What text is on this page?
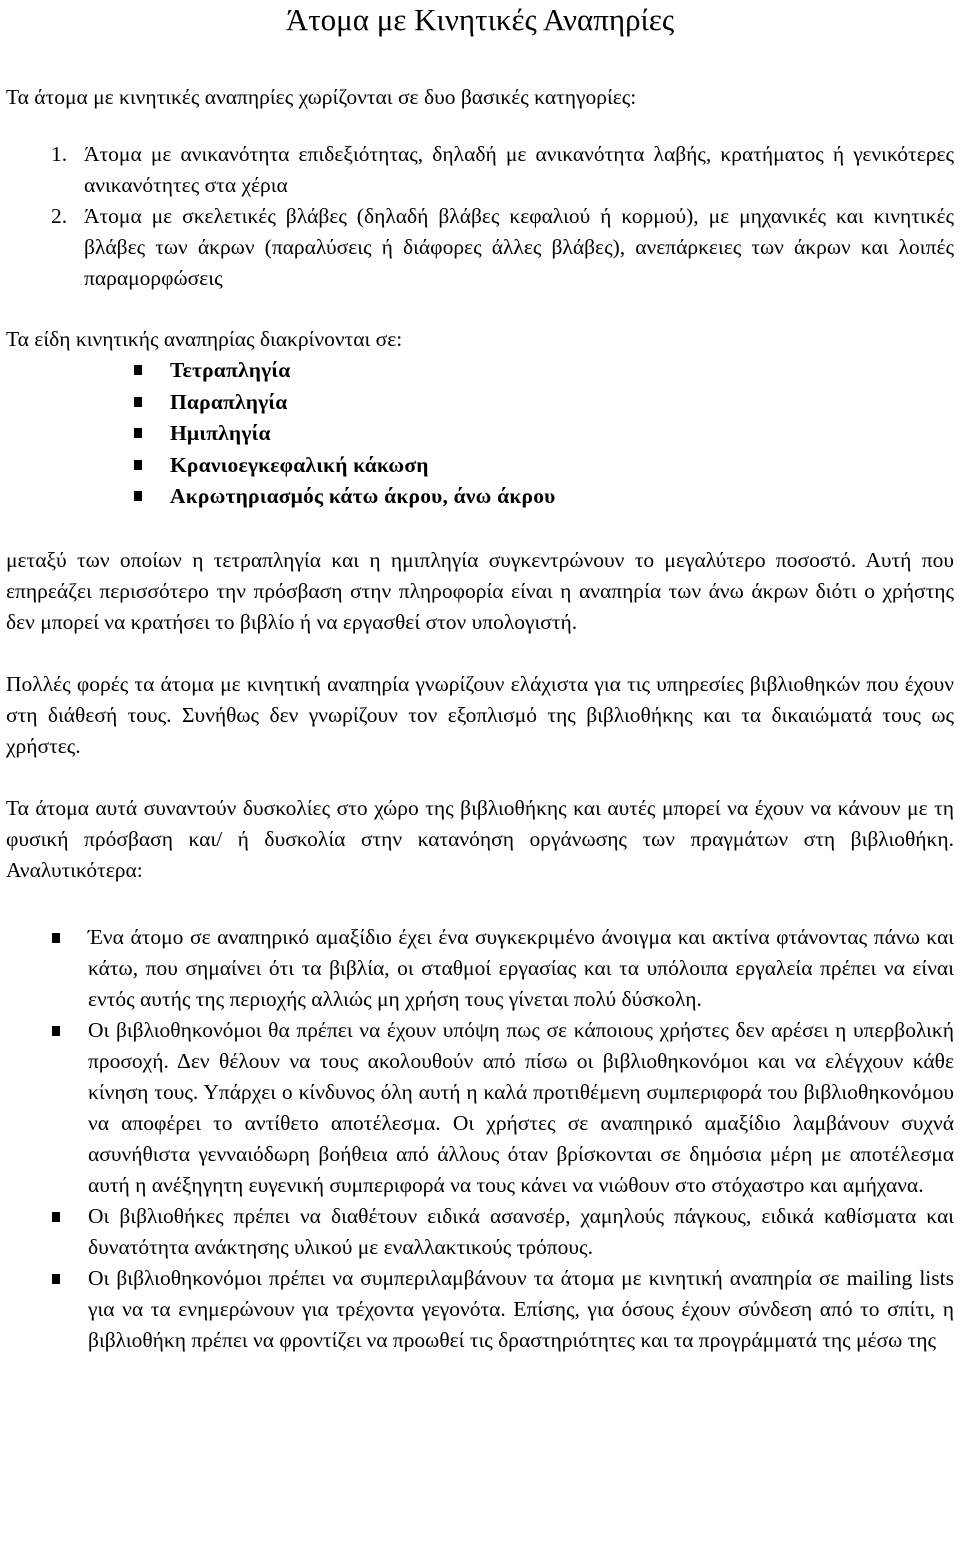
Άτομα με Κινητικές Αναπηρίες

Τα άτομα με κινητικές αναπηρίες χωρίζονται σε δυο βασικές κατηγορίες:

1. Άτομα με ανικανότητα επιδεξιότητας, δηλαδή με ανικανότητα λαβής, κρατήματος ή γενικότερες ανικανότητες στα χέρια
2. Άτομα με σκελετικές βλάβες (δηλαδή βλάβες κεφαλιού ή κορμού), με μηχανικές και κινητικές βλάβες των άκρων (παραλύσεις ή διάφορες άλλες βλάβες), ανεπάρκειες των άκρων και λοιπές παραμορφώσεις

Τα είδη κινητικής αναπηρίας διακρίνονται σε:

Τετραπληγία
Παραπληγία
Ημιπληγία
Κρανιοεγκεφαλική κάκωση
Ακρωτηριασμός κάτω άκρου, άνω άκρου

μεταξύ των οποίων η τετραπληγία και η ημιπληγία συγκεντρώνουν το μεγαλύτερο ποσοστό. Αυτή που επηρεάζει περισσότερο την πρόσβαση στην πληροφορία είναι η αναπηρία των άνω άκρων διότι ο χρήστης δεν μπορεί να κρατήσει το βιβλίο ή να εργασθεί στον υπολογιστή.

Πολλές φορές τα άτομα με κινητική αναπηρία γνωρίζουν ελάχιστα για τις υπηρεσίες βιβλιοθηκών που έχουν στη διάθεσή τους. Συνήθως δεν γνωρίζουν τον εξοπλισμό της βιβλιοθήκης και τα δικαιώματά τους ως χρήστες.

Τα άτομα αυτά συναντούν δυσκολίες στο χώρο της βιβλιοθήκης και αυτές μπορεί να έχουν να κάνουν με τη φυσική πρόσβαση και/ ή δυσκολία στην κατανόηση οργάνωσης των πραγμάτων στη βιβλιοθήκη. Αναλυτικότερα:

Ένα άτομο σε αναπηρικό αμαξίδιο έχει ένα συγκεκριμένο άνοιγμα και ακτίνα φτάνοντας πάνω και κάτω, που σημαίνει ότι τα βιβλία, οι σταθμοί εργασίας και τα υπόλοιπα εργαλεία πρέπει να είναι εντός αυτής της περιοχής αλλιώς μη χρήση τους γίνεται πολύ δύσκολη.
Οι βιβλιοθηκονόμοι θα πρέπει να έχουν υπόψη πως σε κάποιους χρήστες δεν αρέσει η υπερβολική προσοχή. Δεν θέλουν να τους ακολουθούν από πίσω οι βιβλιοθηκονόμοι και να ελέγχουν κάθε κίνηση τους. Υπάρχει ο κίνδυνος όλη αυτή η καλά προτιθέμενη συμπεριφορά του βιβλιοθηκονόμου να αποφέρει το αντίθετο αποτέλεσμα. Οι χρήστες σε αναπηρικό αμαξίδιο λαμβάνουν συχνά ασυνήθιστα γενναιόδωρη βοήθεια από άλλους όταν βρίσκονται σε δημόσια μέρη με αποτέλεσμα αυτή η ανέξηγητη ευγενική συμπεριφορά να τους κάνει να νιώθουν στο στόχαστρο και αμήχανα.
Οι βιβλιοθήκες πρέπει να διαθέτουν ειδικά ασανσέρ, χαμηλούς πάγκους, ειδικά καθίσματα και δυνατότητα ανάκτησης υλικού με εναλλακτικούς τρόπους.
Οι βιβλιοθηκονόμοι πρέπει να συμπεριλαμβάνουν τα άτομα με κινητική αναπηρία σε mailing lists για να τα ενημερώνουν για τρέχοντα γεγονότα. Επίσης, για όσους έχουν σύνδεση από το σπίτι, η βιβλιοθήκη πρέπει να φροντίζει να προωθεί τις δραστηριότητες και τα προγράμματά της μέσω της
